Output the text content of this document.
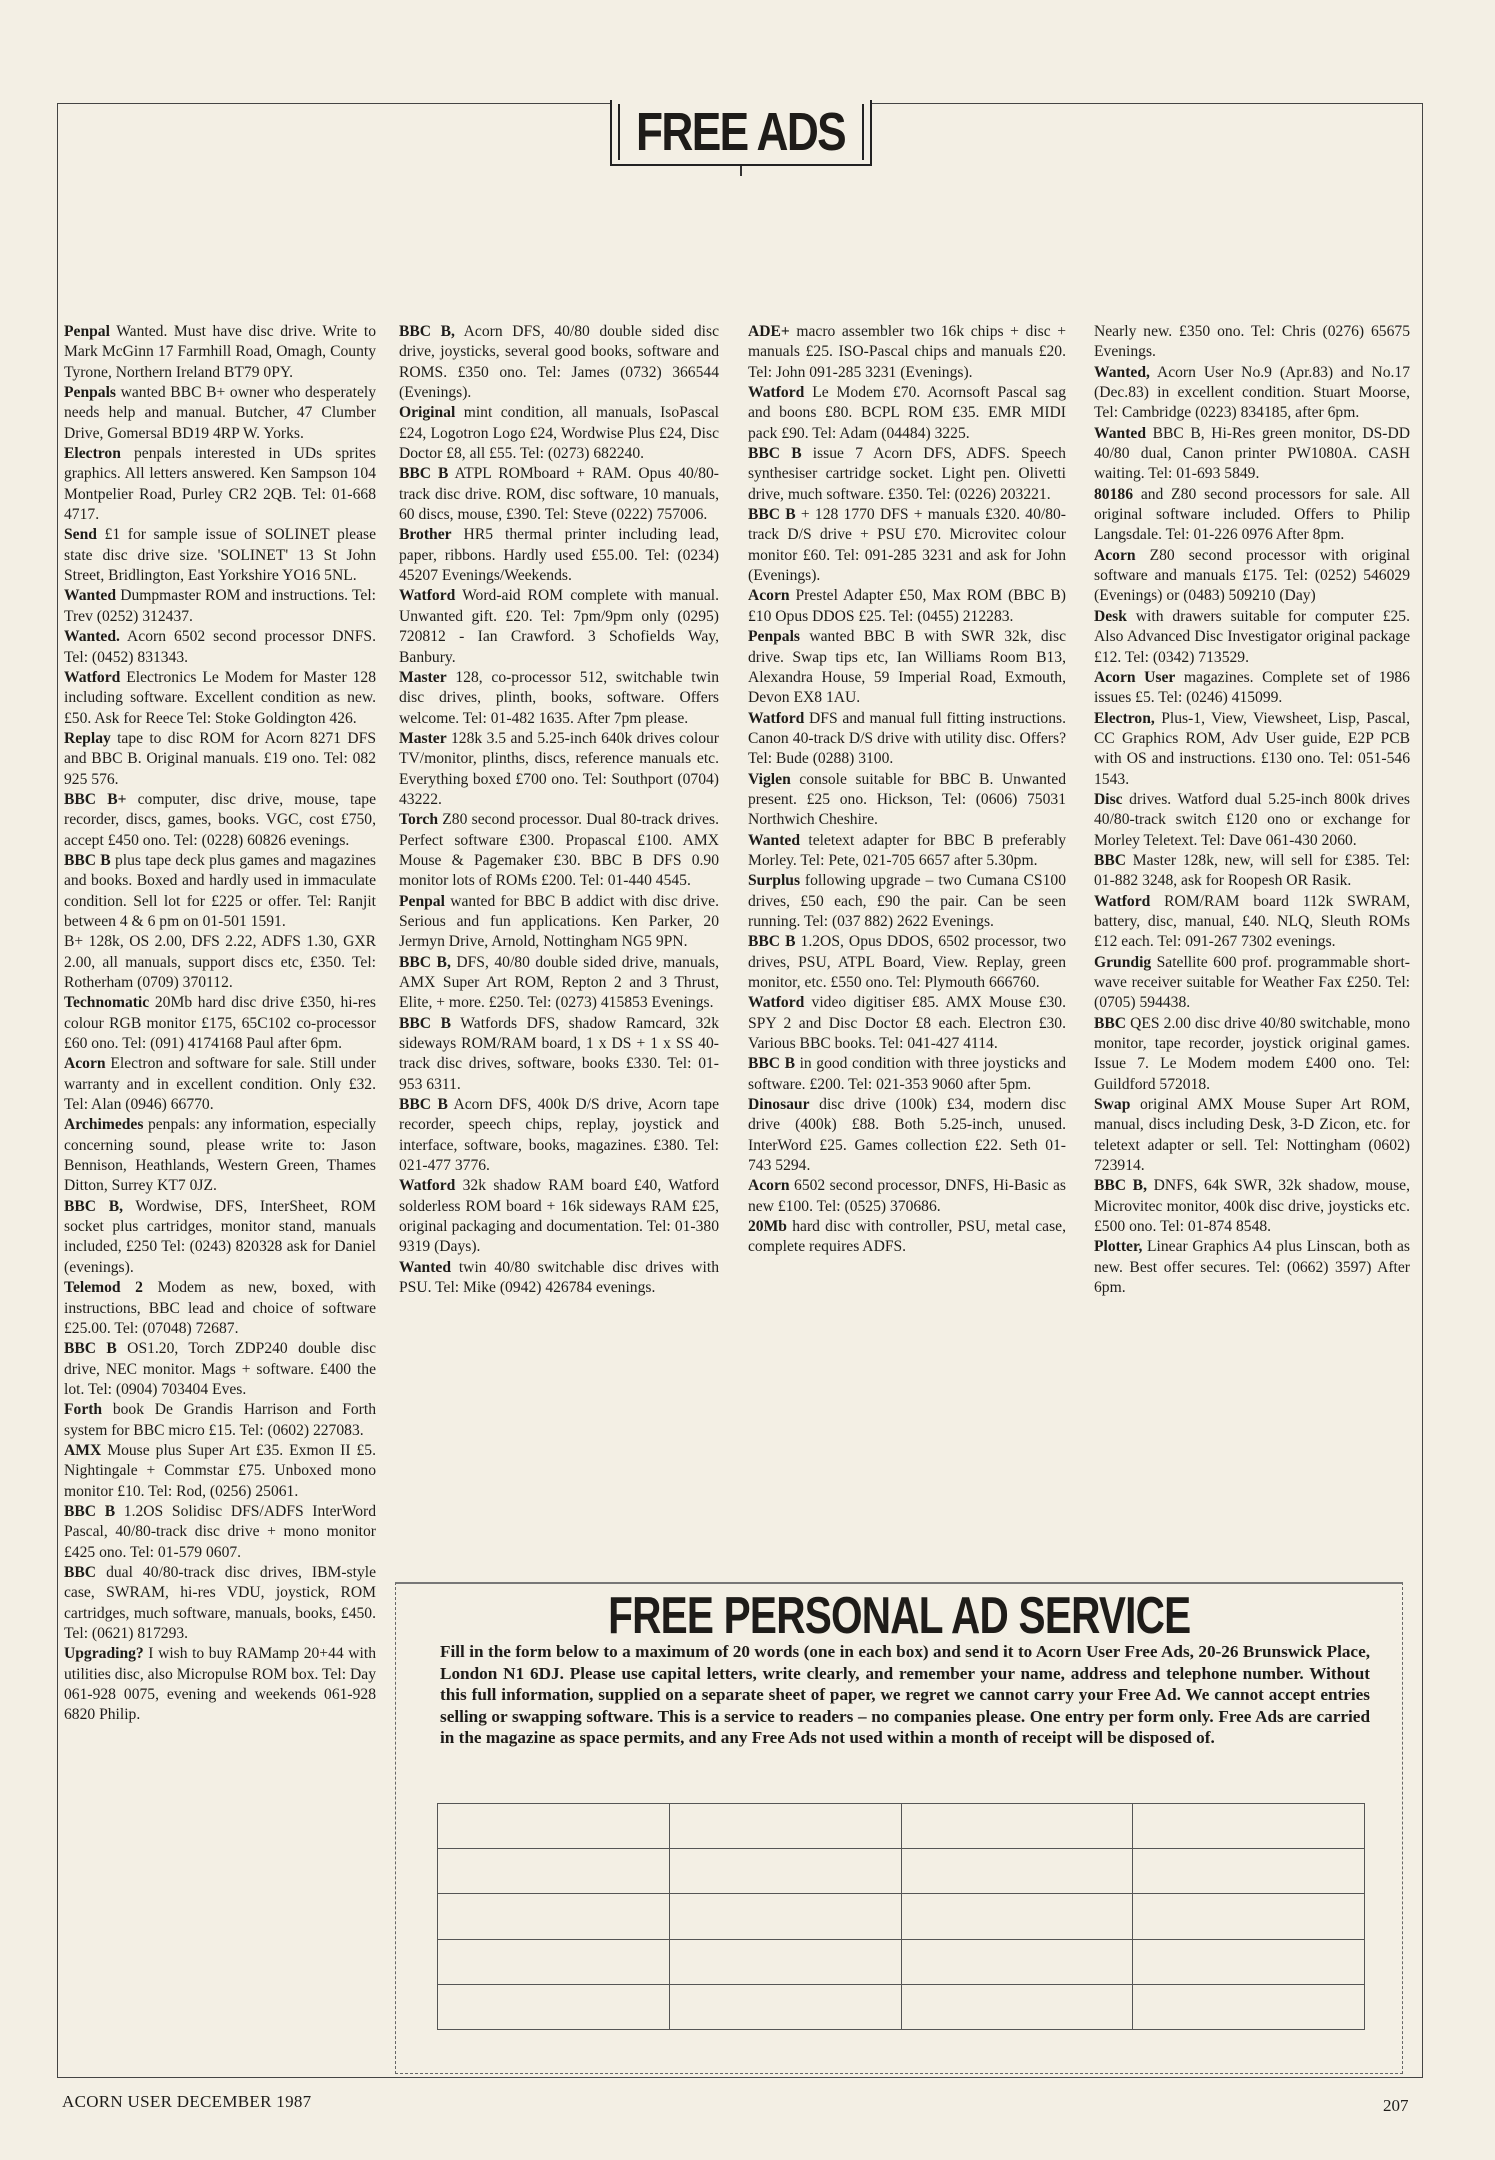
FREE ADS

Penpal Wanted. Must have disc drive. Write to Mark McGinn 17 Farmhill Road, Omagh, County Tyrone, Northern Ireland BT79 0PY.

Penpals wanted BBC B+ owner who desperately needs help and manual. Butcher, 47 Clumber Drive, Gomersal BD19 4RP W. Yorks.

Electron penpals interested in UDs sprites graphics. All letters answered. Ken Sampson 104 Montpelier Road, Purley CR2 2QB. Tel: 01-668 4717.

Send £1 for sample issue of SOLINET please state disc drive size. 'SOLINET' 13 St John Street, Bridlington, East Yorkshire YO16 5NL.

Wanted Dumpmaster ROM and instructions. Tel: Trev (0252) 312437.

Wanted. Acorn 6502 second processor DNFS. Tel: (0452) 831343.

Watford Electronics Le Modem for Master 128 including software. Excellent condition as new. £50. Ask for Reece Tel: Stoke Goldington 426.

Replay tape to disc ROM for Acorn 8271 DFS and BBC B. Original manuals. £19 ono. Tel: 082 925 576.

BBC B+ computer, disc drive, mouse, tape recorder, discs, games, books. VGC, cost £750, accept £450 ono. Tel: (0228) 60826 evenings.

BBC B plus tape deck plus games and magazines and books. Boxed and hardly used in immaculate condition. Sell lot for £225 or offer. Tel: Ranjit between 4 & 6 pm on 01-501 1591.

B+ 128k, OS 2.00, DFS 2.22, ADFS 1.30, GXR 2.00, all manuals, support discs etc, £350. Tel: Rotherham (0709) 370112.

Technomatic 20Mb hard disc drive £350, hi-res colour RGB monitor £175, 65C102 co-processor £60 ono. Tel: (091) 4174168 Paul after 6pm.

Acorn Electron and software for sale. Still under warranty and in excellent condition. Only £32. Tel: Alan (0946) 66770.

Archimedes penpals: any information, especially concerning sound, please write to: Jason Bennison, Heathlands, Western Green, Thames Ditton, Surrey KT7 0JZ.

BBC B, Wordwise, DFS, InterSheet, ROM socket plus cartridges, monitor stand, manuals included, £250 Tel: (0243) 820328 ask for Daniel (evenings).

Telemod 2 Modem as new, boxed, with instructions, BBC lead and choice of software £25.00. Tel: (07048) 72687.

BBC B OS1.20, Torch ZDP240 double disc drive, NEC monitor. Mags + software. £400 the lot. Tel: (0904) 703404 Eves.

Forth book De Grandis Harrison and Forth system for BBC micro £15. Tel: (0602) 227083.

AMX Mouse plus Super Art £35. Exmon II £5. Nightingale + Commstar £75. Unboxed mono monitor £10. Tel: Rod, (0256) 25061.

BBC B 1.2OS Solidisc DFS/ADFS InterWord Pascal, 40/80-track disc drive + mono monitor £425 ono. Tel: 01-579 0607.

BBC dual 40/80-track disc drives, IBM-style case, SWRAM, hi-res VDU, joystick, ROM cartridges, much software, manuals, books, £450. Tel: (0621) 817293.

Upgrading? I wish to buy RAMamp 20+44 with utilities disc, also Micropulse ROM box. Tel: Day 061-928 0075, evening and weekends 061-928 6820 Philip.

BBC B, Acorn DFS, 40/80 double sided disc drive, joysticks, several good books, software and ROMS. £350 ono. Tel: James (0732) 366544 (Evenings).

Original mint condition, all manuals, IsoPascal £24, Logotron Logo £24, Wordwise Plus £24, Disc Doctor £8, all £55. Tel: (0273) 682240.

BBC B ATPL ROMboard + RAM. Opus 40/80-track disc drive. ROM, disc software, 10 manuals, 60 discs, mouse, £390. Tel: Steve (0222) 757006.

Brother HR5 thermal printer including lead, paper, ribbons. Hardly used £55.00. Tel: (0234) 45207 Evenings/Weekends.

Watford Word-aid ROM complete with manual. Unwanted gift. £20. Tel: 7pm/9pm only (0295) 720812 - Ian Crawford. 3 Schofields Way, Banbury.

Master 128, co-processor 512, switchable twin disc drives, plinth, books, software. Offers welcome. Tel: 01-482 1635. After 7pm please.

Master 128k 3.5 and 5.25-inch 640k drives colour TV/monitor, plinths, discs, reference manuals etc. Everything boxed £700 ono. Tel: Southport (0704) 43222.

Torch Z80 second processor. Dual 80-track drives. Perfect software £300. Propascal £100. AMX Mouse & Pagemaker £30. BBC B DFS 0.90 monitor lots of ROMs £200. Tel: 01-440 4545.

Penpal wanted for BBC B addict with disc drive. Serious and fun applications. Ken Parker, 20 Jermyn Drive, Arnold, Nottingham NG5 9PN.

BBC B, DFS, 40/80 double sided drive, manuals, AMX Super Art ROM, Repton 2 and 3 Thrust, Elite, + more. £250. Tel: (0273) 415853 Evenings.

BBC B Watfords DFS, shadow Ramcard, 32k sideways ROM/RAM board, 1 x DS + 1 x SS 40-track disc drives, software, books £330. Tel: 01-953 6311.

BBC B Acorn DFS, 400k D/S drive, Acorn tape recorder, speech chips, replay, joystick and interface, software, books, magazines. £380. Tel: 021-477 3776.

Watford 32k shadow RAM board £40, Watford solderless ROM board + 16k sideways RAM £25, original packaging and documentation. Tel: 01-380 9319 (Days).

Wanted twin 40/80 switchable disc drives with PSU. Tel: Mike (0942) 426784 evenings.

ADE+ macro assembler two 16k chips + disc + manuals £25. ISO-Pascal chips and manuals £20. Tel: John 091-285 3231 (Evenings).

Watford Le Modem £70. Acornsoft Pascal sag and boons £80. BCPL ROM £35. EMR MIDI pack £90. Tel: Adam (04484) 3225.

BBC B issue 7 Acorn DFS, ADFS. Speech synthesiser cartridge socket. Light pen. Olivetti drive, much software. £350. Tel: (0226) 203221.

BBC B + 128 1770 DFS + manuals £320. 40/80-track D/S drive + PSU £70. Microvitec colour monitor £60. Tel: 091-285 3231 and ask for John (Evenings).

Acorn Prestel Adapter £50, Max ROM (BBC B) £10 Opus DDOS £25. Tel: (0455) 212283.

Penpals wanted BBC B with SWR 32k, disc drive. Swap tips etc, Ian Williams Room B13, Alexandra House, 59 Imperial Road, Exmouth, Devon EX8 1AU.

Watford DFS and manual full fitting instructions. Canon 40-track D/S drive with utility disc. Offers? Tel: Bude (0288) 3100.

Viglen console suitable for BBC B. Unwanted present. £25 ono. Hickson, Tel: (0606) 75031 Northwich Cheshire.

Wanted teletext adapter for BBC B preferably Morley. Tel: Pete, 021-705 6657 after 5.30pm.

Surplus following upgrade – two Cumana CS100 drives, £50 each, £90 the pair. Can be seen running. Tel: (037 882) 2622 Evenings.

BBC B 1.2OS, Opus DDOS, 6502 processor, two drives, PSU, ATPL Board, View. Replay, green monitor, etc. £550 ono. Tel: Plymouth 666760.

Watford video digitiser £85. AMX Mouse £30. SPY 2 and Disc Doctor £8 each. Electron £30. Various BBC books. Tel: 041-427 4114.

BBC B in good condition with three joysticks and software. £200. Tel: 021-353 9060 after 5pm.

Dinosaur disc drive (100k) £34, modern disc drive (400k) £88. Both 5.25-inch, unused. InterWord £25. Games collection £22. Seth 01-743 5294.

Acorn 6502 second processor, DNFS, Hi-Basic as new £100. Tel: (0525) 370686.

20Mb hard disc with controller, PSU, metal case, complete requires ADFS.

Nearly new. £350 ono. Tel: Chris (0276) 65675 Evenings.

Wanted, Acorn User No.9 (Apr.83) and No.17 (Dec.83) in excellent condition. Stuart Moorse, Tel: Cambridge (0223) 834185, after 6pm.

Wanted BBC B, Hi-Res green monitor, DS-DD 40/80 dual, Canon printer PW1080A. CASH waiting. Tel: 01-693 5849.

80186 and Z80 second processors for sale. All original software included. Offers to Philip Langsdale. Tel: 01-226 0976 After 8pm.

Acorn Z80 second processor with original software and manuals £175. Tel: (0252) 546029 (Evenings) or (0483) 509210 (Day)

Desk with drawers suitable for computer £25. Also Advanced Disc Investigator original package £12. Tel: (0342) 713529.

Acorn User magazines. Complete set of 1986 issues £5. Tel: (0246) 415099.

Electron, Plus-1, View, Viewsheet, Lisp, Pascal, CC Graphics ROM, Adv User guide, E2P PCB with OS and instructions. £130 ono. Tel: 051-546 1543.

Disc drives. Watford dual 5.25-inch 800k drives 40/80-track switch £120 ono or exchange for Morley Teletext. Tel: Dave 061-430 2060.

BBC Master 128k, new, will sell for £385. Tel: 01-882 3248, ask for Roopesh OR Rasik.

Watford ROM/RAM board 112k SWRAM, battery, disc, manual, £40. NLQ, Sleuth ROMs £12 each. Tel: 091-267 7302 evenings.

Grundig Satellite 600 prof. programmable short-wave receiver suitable for Weather Fax £250. Tel: (0705) 594438.

BBC QES 2.00 disc drive 40/80 switchable, mono monitor, tape recorder, joystick original games. Issue 7. Le Modem modem £400 ono. Tel: Guildford 572018.

Swap original AMX Mouse Super Art ROM, manual, discs including Desk, 3-D Zicon, etc. for teletext adapter or sell. Tel: Nottingham (0602) 723914.

BBC B, DNFS, 64k SWR, 32k shadow, mouse, Microvitec monitor, 400k disc drive, joysticks etc. £500 ono. Tel: 01-874 8548.

Plotter, Linear Graphics A4 plus Linscan, both as new. Best offer secures. Tel: (0662) 3597) After 6pm.

FREE PERSONAL AD SERVICE
Fill in the form below to a maximum of 20 words (one in each box) and send it to Acorn User Free Ads, 20-26 Brunswick Place, London N1 6DJ. Please use capital letters, write clearly, and remember your name, address and telephone number. Without this full information, supplied on a separate sheet of paper, we regret we cannot carry your Free Ad. We cannot accept entries selling or swapping software. This is a service to readers – no companies please. One entry per form only. Free Ads are carried in the magazine as space permits, and any Free Ads not used within a month of receipt will be disposed of.

ACORN USER DECEMBER 1987	207
